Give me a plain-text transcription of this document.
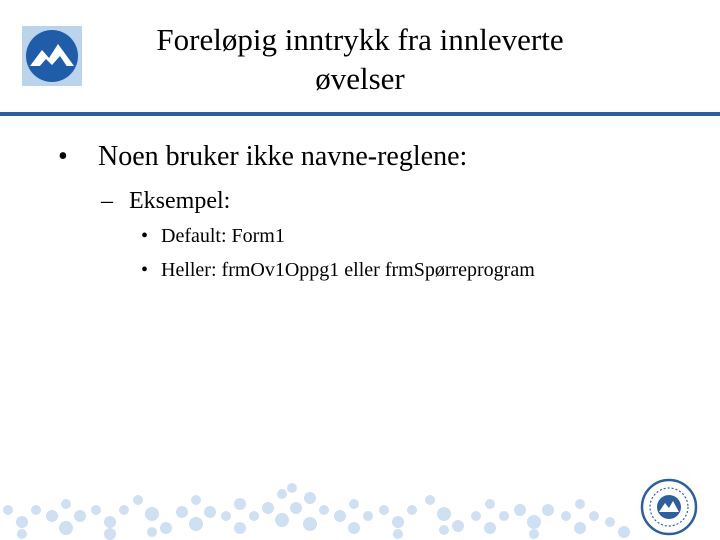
Foreløpig inntrykk fra innleverte
øvelser
• Noen bruker ikke navne-reglene:
– Eksempel:
• Default: Form1
• Heller: frmOv1Oppg1 eller frmSpørreprogram
